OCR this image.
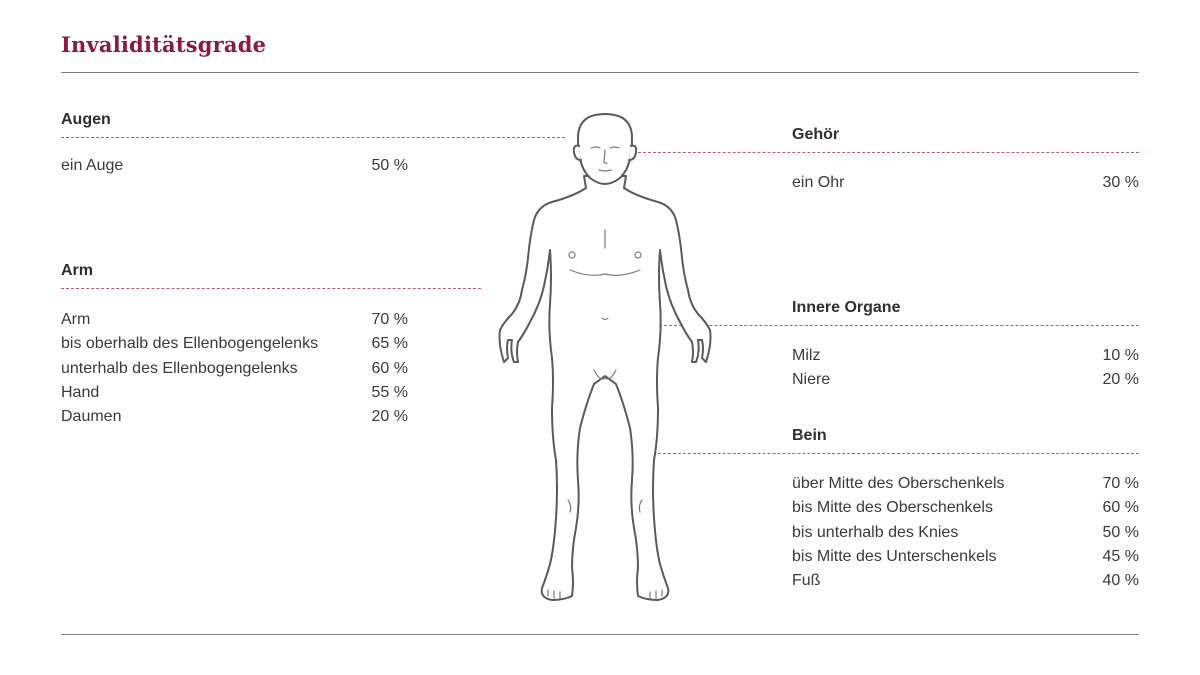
Invaliditätsgrade
Augen
ein Auge	50 %
Arm
Arm	70 %
bis oberhalb des Ellenbogengelenks	65 %
unterhalb des Ellenbogengelenks	60 %
Hand	55 %
Daumen	20 %
Gehör
ein Ohr	30 %
Innere Organe
Milz	10 %
Niere	20 %
Bein
über Mitte des Oberschenkels	70 %
bis Mitte des Oberschenkels	60 %
bis unterhalb des Knies	50 %
bis Mitte des Unterschenkels	45 %
Fuß	40 %
